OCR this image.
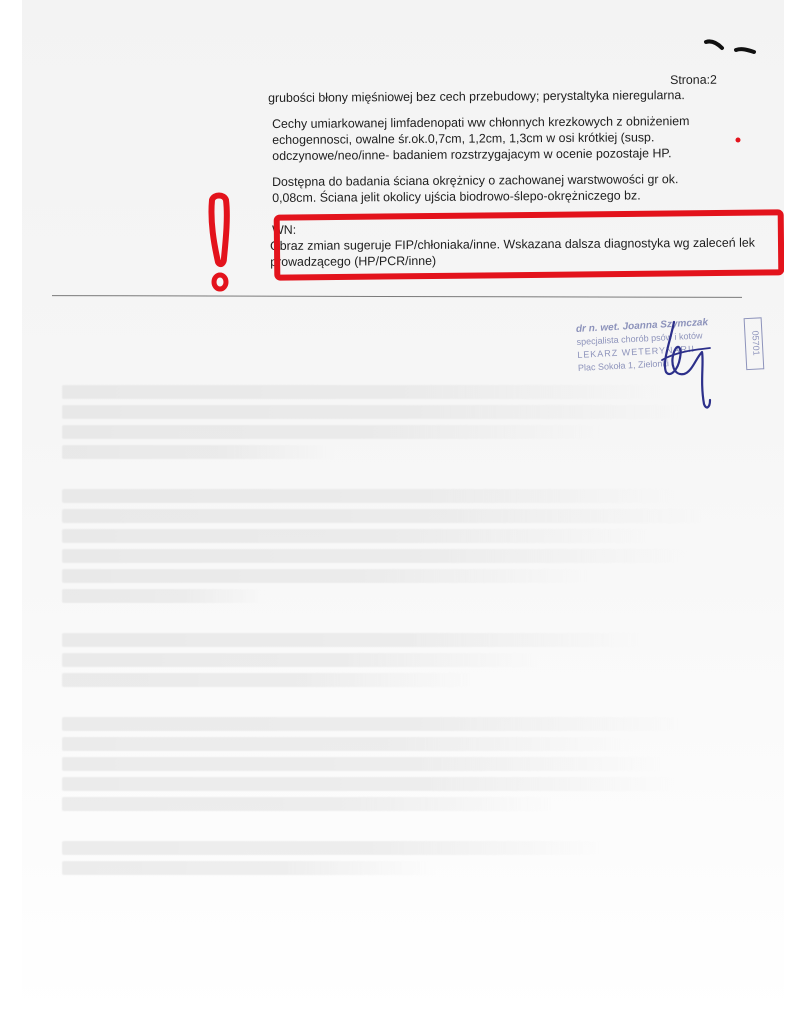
Strona:2
grubości błony mięśniowej bez cech przebudowy; perystaltyka nieregularna.
Cechy umiarkowanej limfadenopati ww chłonnych krezkowych z obniżeniem echogennosci, owalne śr.ok.0,7cm, 1,2cm, 1,3cm w osi krótkiej (susp. odczynowe/neo/inne- badaniem rozstrzygajacym w ocenie pozostaje HP.
Dostępna do badania ściana okrężnicy o zachowanej warstwowości gr ok. 0,08cm. Ściana jelit okolicy ujścia biodrowo-ślepo-okrężniczego bz.
WN:
Obraz zmian sugeruje FIP/chłoniaka/inne. Wskazana dalsza diagnostyka wg zaleceń lek prowadzącego (HP/PCR/inne)
dr n. wet. Joanna Szymczak
specjalista chorób psów i kotów
LEKARZ WETERYNARII
Plac Sokoła 1, Zielonki
05701
